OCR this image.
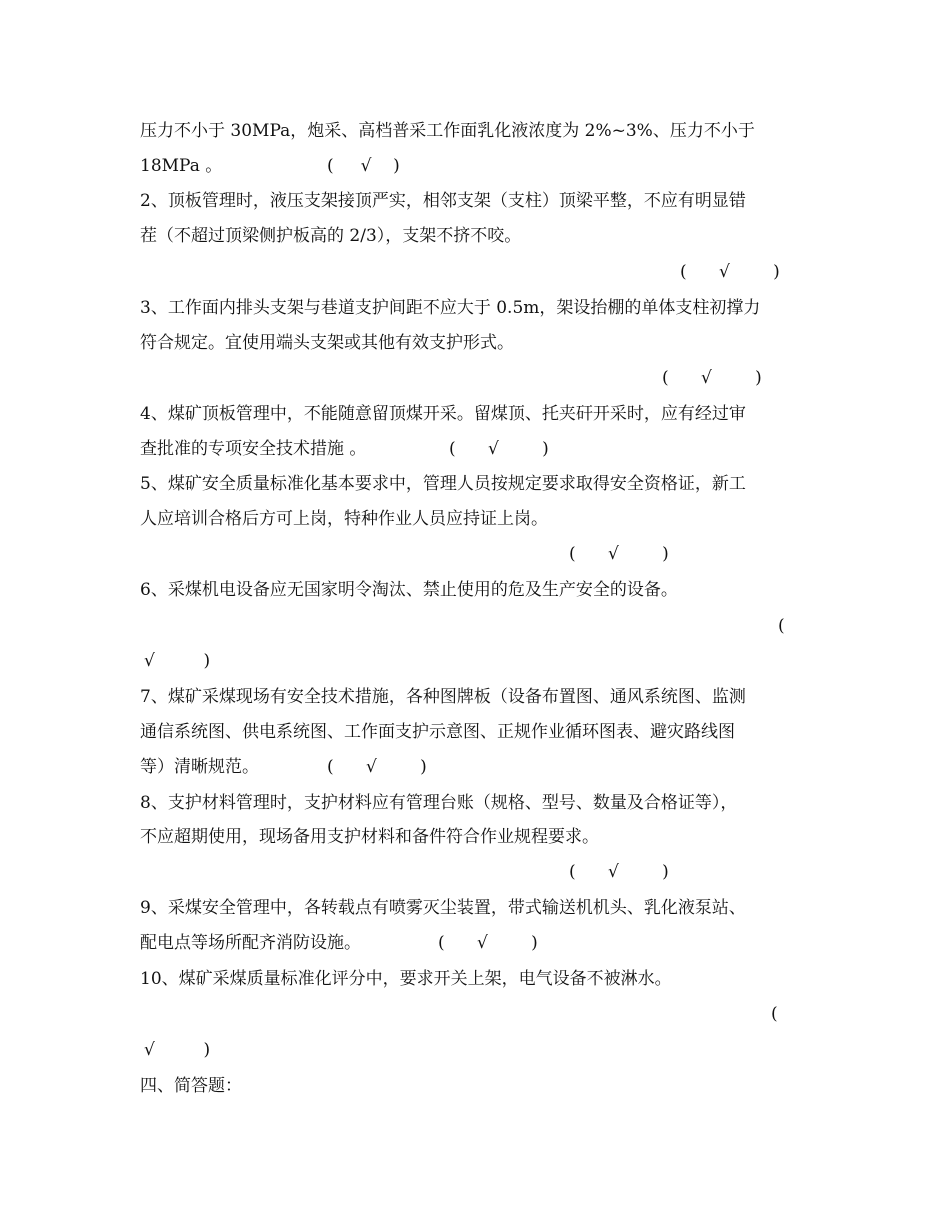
压力不小于 30MPa，炮采、高档普采工作面乳化液浓度为 2%~3%、压力不小于
18MPa 。	(     √    )
2、顶板管理时，液压支架接顶严实，相邻支架（支柱）顶梁平整，不应有明显错
茬（不超过顶梁侧护板高的 2/3），支架不挤不咬。
(      √        )
3、工作面内排头支架与巷道支护间距不应大于 0.5m，架设抬棚的单体支柱初撑力
符合规定。宜使用端头支架或其他有效支护形式。
(      √        )
4、煤矿顶板管理中，不能随意留顶煤开采。留煤顶、托夹矸开采时，应有经过审
查批准的专项安全技术措施 。	(      √        )
5、煤矿安全质量标准化基本要求中，管理人员按规定要求取得安全资格证，新工
人应培训合格后方可上岗，特种作业人员应持证上岗。
(      √        )
6、采煤机电设备应无国家明令淘汰、禁止使用的危及生产安全的设备。
(
√         )
7、煤矿采煤现场有安全技术措施，各种图牌板（设备布置图、通风系统图、监测
通信系统图、供电系统图、工作面支护示意图、正规作业循环图表、避灾路线图
等）清晰规范。	(      √        )
8、支护材料管理时，支护材料应有管理台账（规格、型号、数量及合格证等），
不应超期使用，现场备用支护材料和备件符合作业规程要求。
(      √        )
9、采煤安全管理中，各转载点有喷雾灭尘装置，带式输送机机头、乳化液泵站、
配电点等场所配齐消防设施。	(      √        )
10、煤矿采煤质量标准化评分中，要求开关上架，电气设备不被淋水。
(
√         )
四、简答题：
